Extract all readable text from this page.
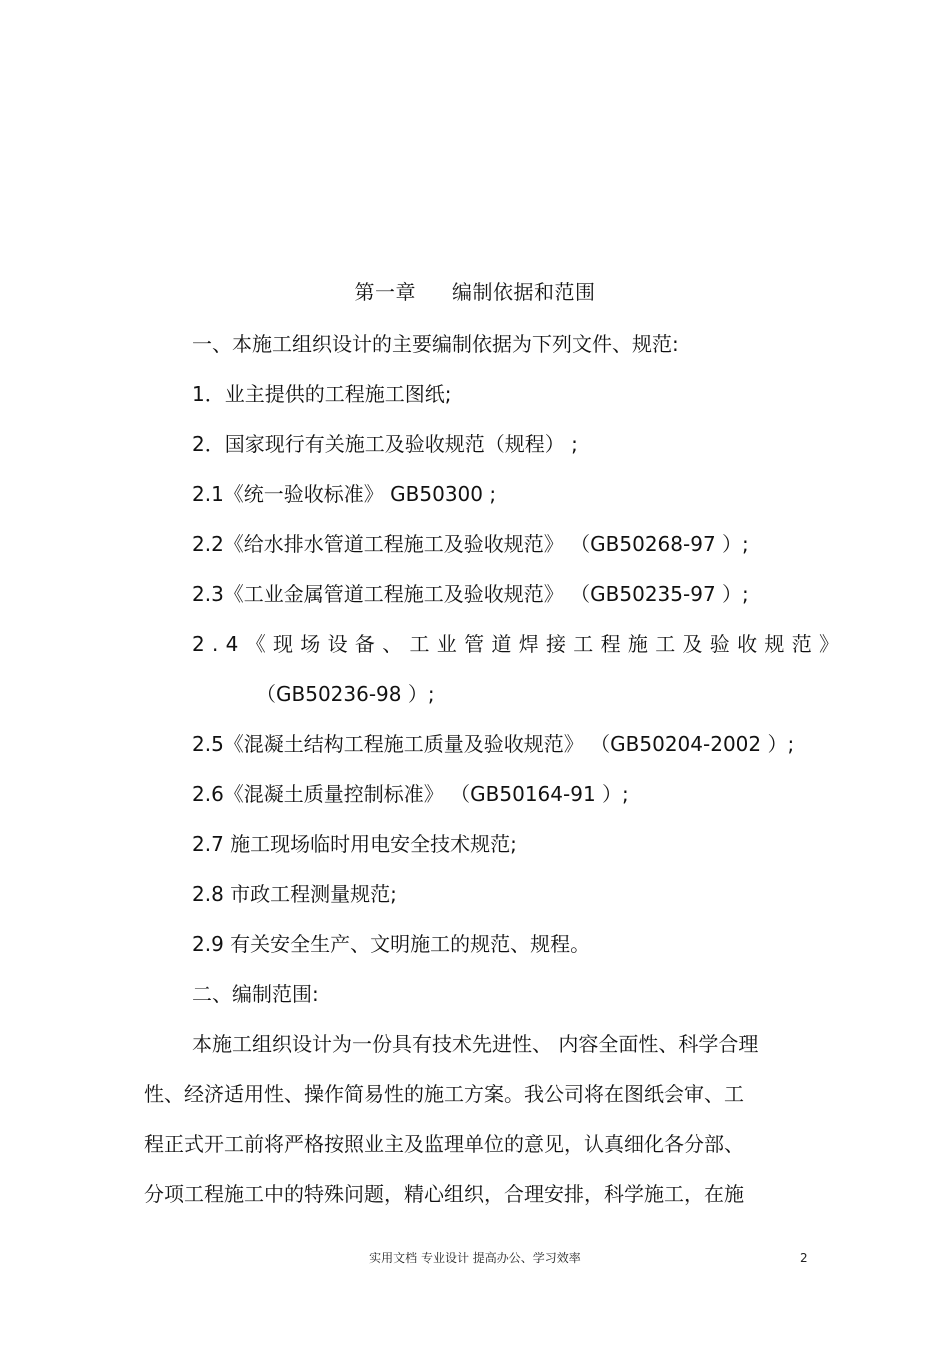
第一章 编制依据和范围
一、本施工组织设计的主要编制依据为下列文件、规范:
1．业主提供的工程施工图纸;
2．国家现行有关施工及验收规范（规程） ;
2.1《统一验收标准》 GB50300 ;
2.2《给水排水管道工程施工及验收规范》 （GB50268-97 ）;
2.3《工业金属管道工程施工及验收规范》 （GB50235-97 ）;
2.4《现场设备、工业管道焊接工程施工及验收规范》
（GB50236-98 ）;
2.5《混凝土结构工程施工质量及验收规范》 （GB50204-2002 ）;
2.6《混凝土质量控制标准》 （GB50164-91 ）;
2.7 施工现场临时用电安全技术规范;
2.8 市政工程测量规范;
2.9 有关安全生产、文明施工的规范、规程。
二、编制范围:
本施工组织设计为一份具有技术先进性、 内容全面性、科学合理
性、经济适用性、操作简易性的施工方案。我公司将在图纸会审、工
程正式开工前将严格按照业主及监理单位的意见，认真细化各分部、
分项工程施工中的特殊问题，精心组织，合理安排，科学施工，在施
实用文档 专业设计 提高办公、学习效率	2
